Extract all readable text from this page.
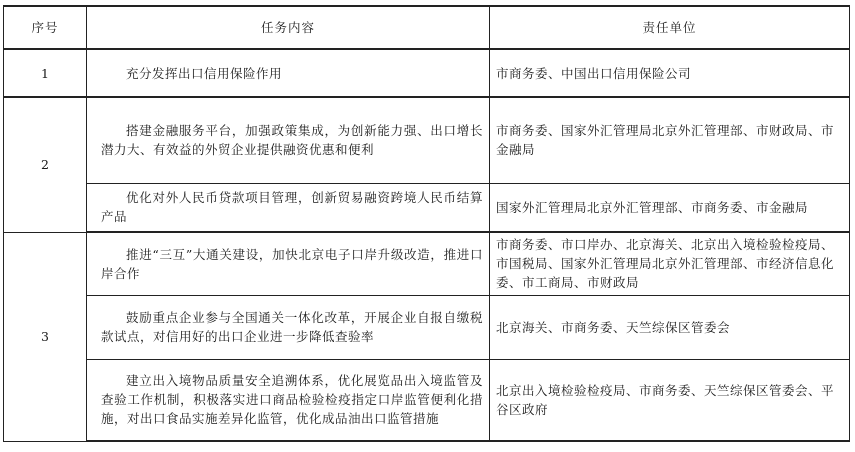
序号	任务内容	责任单位
1	充分发挥出口信用保险作用	市商务委、中国出口信用保险公司
2	搭建金融服务平台，加强政策集成，为创新能力强、出口增长潜力大、有效益的外贸企业提供融资优惠和便利	市商务委、国家外汇管理局北京外汇管理部、市财政局、市金融局
	优化对外人民币贷款项目管理，创新贸易融资跨境人民币结算产品	国家外汇管理局北京外汇管理部、市商务委、市金融局
3	推进“三互”大通关建设，加快北京电子口岸升级改造，推进口岸合作	市商务委、市口岸办、北京海关、北京出入境检验检疫局、市国税局、国家外汇管理局北京外汇管理部、市经济信息化委、市工商局、市财政局
	鼓励重点企业参与全国通关一体化改革，开展企业自报自缴税款试点，对信用好的出口企业进一步降低查验率	北京海关、市商务委、天竺综保区管委会
	建立出入境物品质量安全追溯体系，优化展览品出入境监管及查验工作机制，积极落实进口商品检验检疫指定口岸监管便利化措施，对出口食品实施差异化监管，优化成品油出口监管措施	北京出入境检验检疫局、市商务委、天竺综保区管委会、平谷区政府
